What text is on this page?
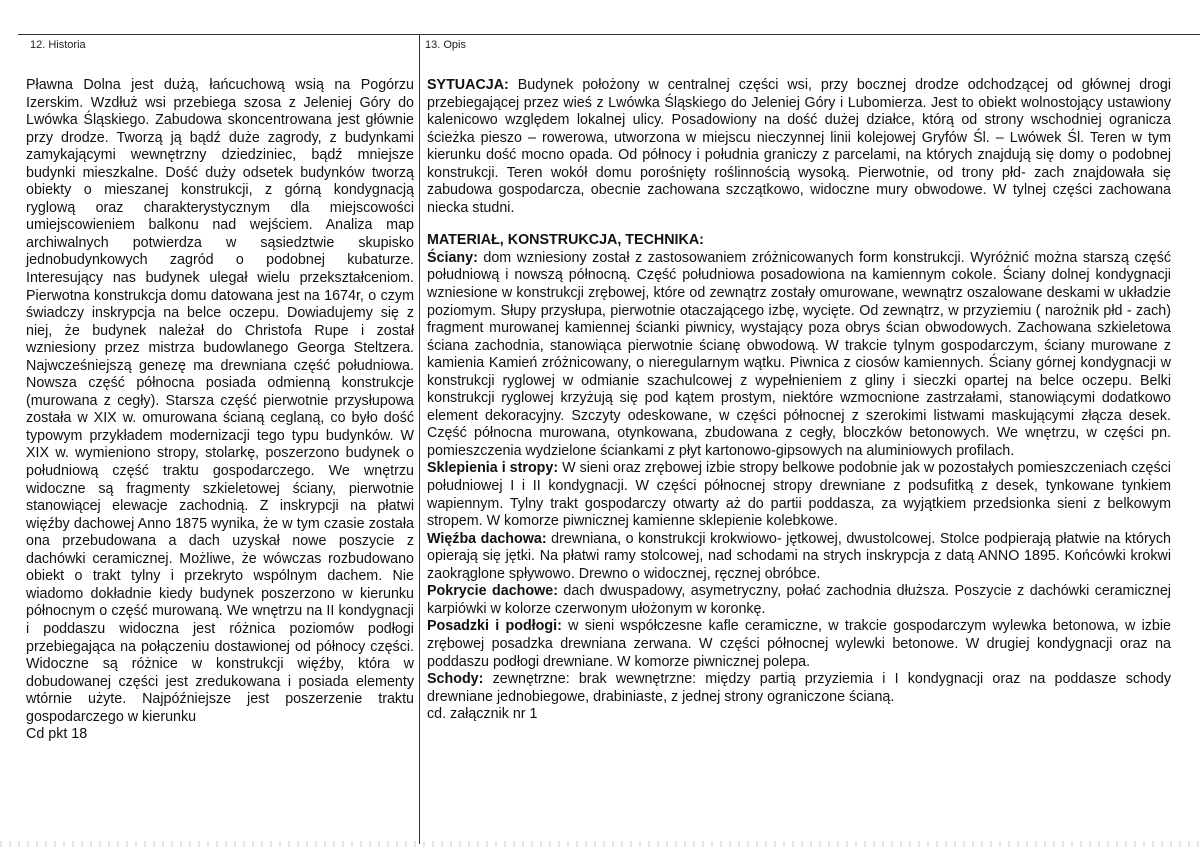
12. Historia	13. Opis

Pławna Dolna jest dużą, łańcuchową wsią na Pogórzu Izerskim. Wzdłuż wsi przebiega szosa z Jeleniej Góry do Lwówka Śląskiego. Zabudowa skoncentrowana jest głównie przy drodze. Tworzą ją bądź duże zagrody, z budynkami zamykającymi wewnętrzny dziedziniec, bądź mniejsze budynki mieszkalne. Dość duży odsetek budynków tworzą obiekty o mieszanej konstrukcji, z górną kondygnacją ryglową oraz charakterystycznym dla miejscowości umiejscowieniem balkonu nad wejściem. Analiza map archiwalnych potwierdza w sąsiedztwie skupisko jednobudynkowych zagród o podobnej kubaturze. Interesujący nas budynek ulegał wielu przekształceniom. Pierwotna konstrukcja domu datowana jest na 1674r, o czym świadczy inskrypcja na belce oczepu. Dowiadujemy się z niej, że budynek należał do Christofa Rupe i został wzniesiony przez mistrza budowlanego Georga Steltzera. Najwcześniejszą genezę ma drewniana część południowa. Nowsza część północna posiada odmienną konstrukcje (murowana z cegły). Starsza część pierwotnie przysłupowa została w XIX w. omurowana ścianą ceglaną, co było dość typowym przykładem modernizacji tego typu budynków. W XIX w. wymieniono stropy, stolarkę, poszerzono budynek o południową część traktu gospodarczego. We wnętrzu widoczne są fragmenty szkieletowej ściany, pierwotnie stanowiącej elewacje zachodnią. Z inskrypcji na płatwi więźby dachowej Anno 1875 wynika, że w tym czasie została ona przebudowana a dach uzyskał nowe poszycie z dachówki ceramicznej. Możliwe, że wówczas rozbudowano obiekt o trakt tylny i przekryto wspólnym dachem. Nie wiadomo dokładnie kiedy budynek poszerzono w kierunku północnym o część murowaną. We wnętrzu na II kondygnacji i poddaszu widoczna jest różnica poziomów podłogi przebiegająca na połączeniu dostawionej od północy części. Widoczne są różnice w konstrukcji więźby, która w dobudowanej części jest zredukowana i posiada elementy wtórnie użyte. Najpóźniejsze jest poszerzenie traktu gospodarczego w kierunku

Cd pkt 18

SYTUACJA: Budynek położony w centralnej części wsi, przy bocznej drodze odchodzącej od głównej drogi przebiegającej przez wieś z Lwówka Śląskiego do Jeleniej Góry i Lubomierza. Jest to obiekt wolnostojący ustawiony kalenicowo względem lokalnej ulicy. Posadowiony na dość dużej działce, którą od strony wschodniej ogranicza ścieżka pieszo – rowerowa, utworzona w miejscu nieczynnej linii kolejowej Gryfów Śl. – Lwówek Śl. Teren w tym kierunku dość mocno opada. Od północy i południa graniczy z parcelami, na których znajdują się domy o podobnej konstrukcji. Teren wokół domu porośnięty roślinnością wysoką. Pierwotnie, od trony płd- zach znajdowała się zabudowa gospodarcza, obecnie zachowana szczątkowo, widoczne mury obwodowe. W tylnej części zachowana niecka studni.

MATERIAŁ, KONSTRUKCJA, TECHNIKA:

Ściany: dom wzniesiony został z zastosowaniem zróżnicowanych form konstrukcji. Wyróżnić można starszą część południową i nowszą północną. Część południowa posadowiona na kamiennym cokole. Ściany dolnej kondygnacji wzniesione w konstrukcji zrębowej, które od zewnątrz zostały omurowane, wewnątrz oszalowane deskami w układzie poziomym. Słupy przysłupa, pierwotnie otaczającego izbę, wycięte. Od zewnątrz, w przyziemiu ( narożnik płd - zach) fragment murowanej kamiennej ścianki piwnicy, wystający poza obrys ścian obwodowych. Zachowana szkieletowa ściana zachodnia, stanowiąca pierwotnie ścianę obwodową. W trakcie tylnym gospodarczym, ściany murowane z kamienia Kamień zróżnicowany, o nieregularnym wątku. Piwnica z ciosów kamiennych. Ściany górnej kondygnacji w konstrukcji ryglowej w odmianie szachulcowej z wypełnieniem z gliny i sieczki opartej na belce oczepu. Belki konstrukcji ryglowej krzyżują się pod kątem prostym, niektóre wzmocnione zastrzałami, stanowiącymi dodatkowo element dekoracyjny. Szczyty odeskowane, w części północnej z szerokimi listwami maskującymi złącza desek. Część północna murowana, otynkowana, zbudowana z cegły, bloczków betonowych. We wnętrzu, w części pn. pomieszczenia wydzielone ściankami z płyt kartonowo-gipsowych na aluminiowych profilach.

Sklepienia i stropy: W sieni oraz zrębowej izbie stropy belkowe podobnie jak w pozostałych pomieszczeniach części południowej I i II kondygnacji. W części północnej stropy drewniane z podsufitką z desek, tynkowane tynkiem wapiennym. Tylny trakt gospodarczy otwarty aż do partii poddasza, za wyjątkiem przedsionka sieni z belkowym stropem. W komorze piwnicznej kamienne sklepienie kolebkowe.

Więźba dachowa: drewniana, o konstrukcji krokwiowo- jętkowej, dwustolcowej. Stolce podpierają płatwie na których opierają się jętki. Na płatwi ramy stolcowej, nad schodami na strych inskrypcja z datą ANNO 1895. Końcówki krokwi zaokrąglone spływowo. Drewno o widocznej, ręcznej obróbce.

Pokrycie dachowe: dach dwuspadowy, asymetryczny, połać zachodnia dłuższa. Poszycie z dachówki ceramicznej karpiówki w kolorze czerwonym ułożonym w koronkę.

Posadzki i podłogi: w sieni współczesne kafle ceramiczne, w trakcie gospodarczym wylewka betonowa, w izbie zrębowej posadzka drewniana zerwana. W części północnej wylewki betonowe. W drugiej kondygnacji oraz na poddaszu podłogi drewniane. W komorze piwnicznej polepa.

Schody: zewnętrzne: brak wewnętrzne: między partią przyziemia i I kondygnacji oraz na poddasze schody drewniane jednobiegowe, drabiniaste, z jednej strony ograniczone ścianą.

cd. załącznik nr 1
